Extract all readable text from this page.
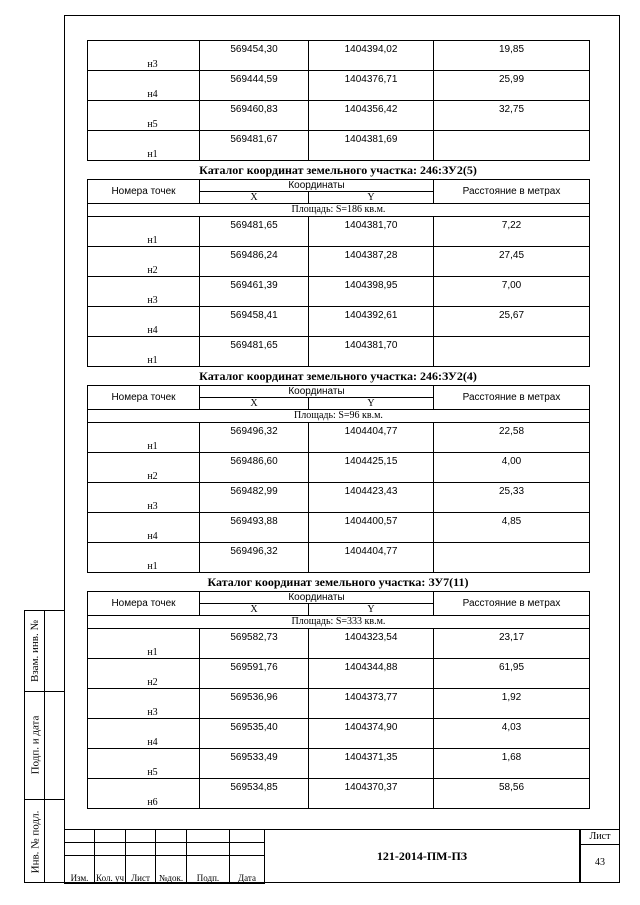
Взам. инв. №
Подп. и дата
Инв. № подл.
н3	569454,30	1404394,02	19,85
н4	569444,59	1404376,71	25,99
н5	569460,83	1404356,42	32,75
н1	569481,67	1404381,69	
Каталог координат земельного участка: 246:ЗУ2(5)
Номера точек	Координаты		Расстояние в метрах
	X	Y	
Площадь: S=186 кв.м.			
н1	569481,65	1404381,70	7,22
н2	569486,24	1404387,28	27,45
н3	569461,39	1404398,95	7,00
н4	569458,41	1404392,61	25,67
н1	569481,65	1404381,70	
Каталог координат земельного участка: 246:ЗУ2(4)
Номера точек	Координаты		Расстояние в метрах
	X	Y	
Площадь: S=96 кв.м.			
н1	569496,32	1404404,77	22,58
н2	569486,60	1404425,15	4,00
н3	569482,99	1404423,43	25,33
н4	569493,88	1404400,57	4,85
н1	569496,32	1404404,77	
Каталог координат земельного участка: ЗУ7(11)
Номера точек	Координаты		Расстояние в метрах
	X	Y	
Площадь: S=333 кв.м.			
н1	569582,73	1404323,54	23,17
н2	569591,76	1404344,88	61,95
н3	569536,96	1404373,77	1,92
н4	569535,40	1404374,90	4,03
н5	569533,49	1404371,35	1,68
н6	569534,85	1404370,37	58,56

Изм.	Кол. уч	Лист	№док.	Подп.	Дата
121-2014-ПМ-ПЗ
Лист
43
